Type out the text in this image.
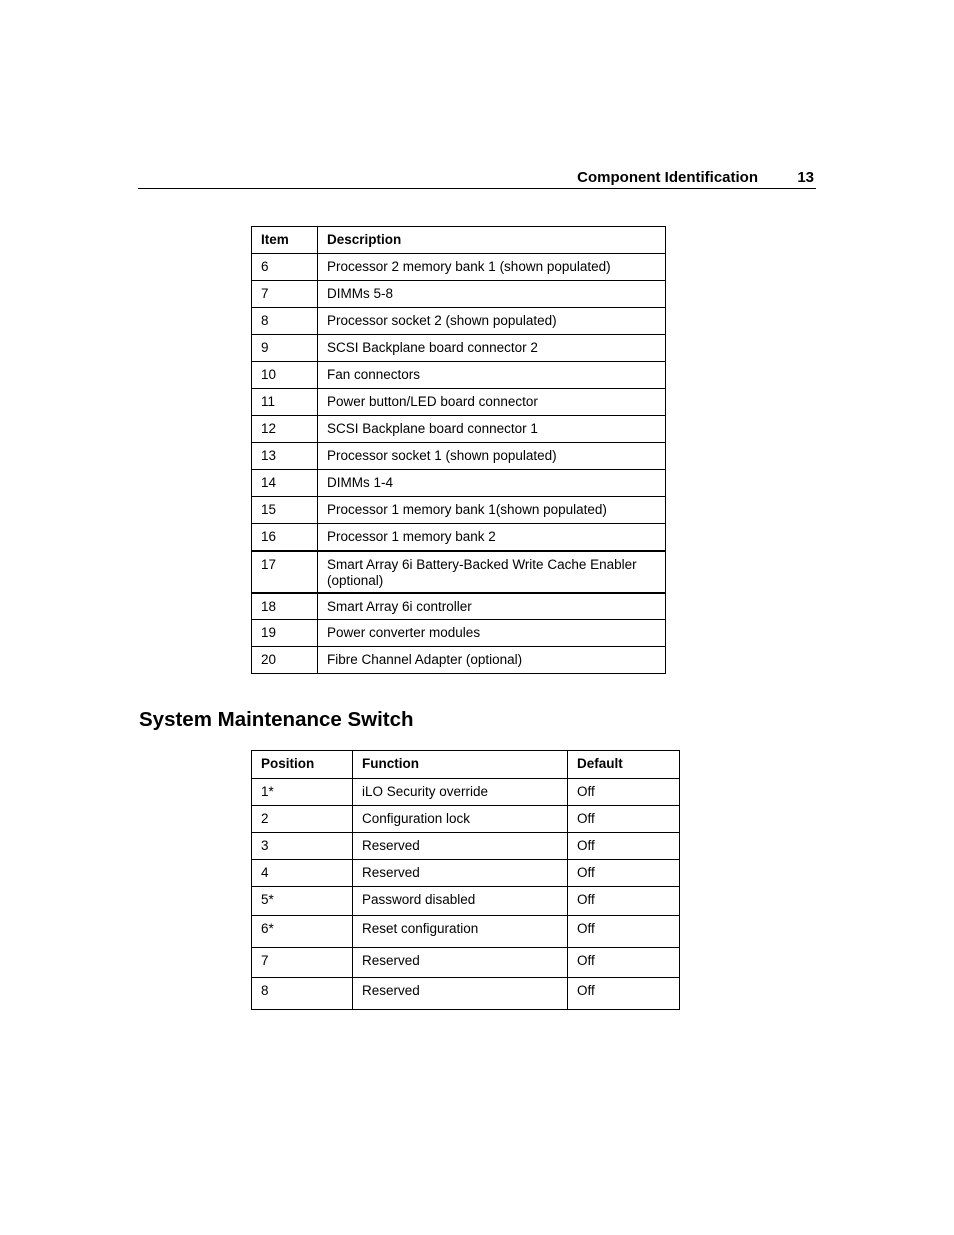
Component Identification	13
Item	Description
6	Processor 2 memory bank 1 (shown populated)
7	DIMMs 5-8
8	Processor socket 2 (shown populated)
9	SCSI Backplane board connector 2
10	Fan connectors
11	Power button/LED board connector
12	SCSI Backplane board connector 1
13	Processor socket 1 (shown populated)
14	DIMMs 1-4
15	Processor 1 memory bank 1(shown populated)
16	Processor 1 memory bank 2
17	Smart Array 6i Battery-Backed Write Cache Enabler (optional)
18	Smart Array 6i controller
19	Power converter modules
20	Fibre Channel Adapter (optional)
System Maintenance Switch
Position	Function	Default
1*	iLO Security override	Off
2	Configuration lock	Off
3	Reserved	Off
4	Reserved	Off
5*	Password disabled	Off
6*	Reset configuration	Off
7	Reserved	Off
8	Reserved	Off
